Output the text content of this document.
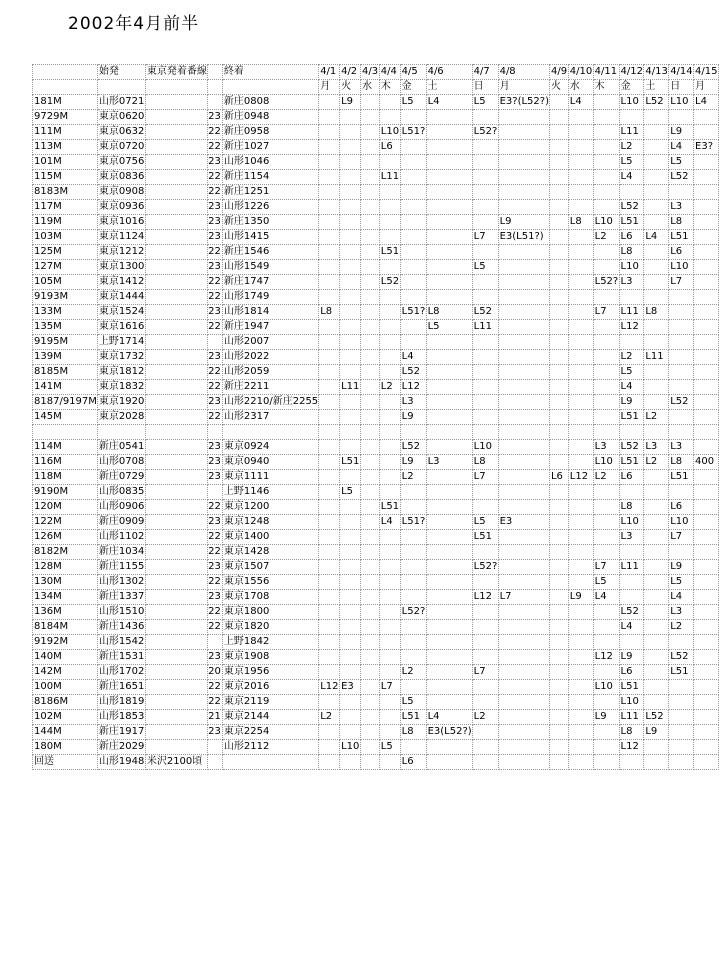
2002年4月前半
	始発	東京発着番線		終着	4/1	4/2	4/3	4/4	4/5	4/6	4/7	4/8	4/9	4/10	4/11	4/12	4/13	4/14	4/15
					月	火	水	木	金	土	日	月	火	水	木	金	土	日	月
181M	山形0721			新庄0808		L9			L5	L4	L5	E3?(L52?)		L4		L10	L52	L10	L4
9729M	東京0620		23	新庄0948															
111M	東京0632		22	新庄0958				L10	L51?		L52?					L11		L9	
113M	東京0720		22	新庄1027				L6								L2		L4	E3?
101M	東京0756		23	山形1046												L5		L5	
115M	東京0836		22	新庄1154				L11								L4		L52	
8183M	東京0908		22	新庄1251															
117M	東京0936		23	山形1226												L52		L3	
119M	東京1016		23	新庄1350								L9		L8	L10	L51		L8	
103M	東京1124		23	山形1415							L7	E3(L51?)			L2	L6	L4	L51	
125M	東京1212		22	新庄1546				L51								L8		L6	
127M	東京1300		23	山形1549							L5					L10		L10	
105M	東京1412		22	新庄1747				L52							L52?	L3		L7	
9193M	東京1444		22	山形1749															
133M	東京1524		23	山形1814	L8				L51?	L8	L52				L7	L11	L8		
135M	東京1616		22	新庄1947						L5	L11					L12			
9195M	上野1714			山形2007															
139M	東京1732		23	山形2022					L4							L2	L11		
8185M	東京1812		22	山形2059					L52							L5			
141M	東京1832		22	新庄2211		L11		L2	L12							L4			
8187/9197M	東京1920		23	山形2210/新庄2255					L3							L9		L52	
145M	東京2028		22	山形2317					L9							L51	L2		

114M	新庄0541		23	東京0924					L52		L10				L3	L52	L3	L3	
116M	山形0708		23	東京0940		L51			L9	L3	L8				L10	L51	L2	L8	400
118M	新庄0729		23	東京1111					L2		L7		L6	L12	L2	L6		L51	
9190M	山形0835			上野1146		L5													
120M	山形0906		22	東京1200				L51								L8		L6	
122M	新庄0909		23	東京1248				L4	L51?		L5	E3				L10		L10	
126M	山形1102		22	東京1400							L51					L3		L7	
8182M	新庄1034		22	東京1428															
128M	新庄1155		23	東京1507							L52?				L7	L11		L9	
130M	山形1302		22	東京1556											L5			L5	
134M	新庄1337		23	東京1708							L12	L7		L9	L4			L4	
136M	山形1510		22	東京1800					L52?							L52		L3	
8184M	新庄1436		22	東京1820												L4		L2	
9192M	山形1542			上野1842															
140M	新庄1531		23	東京1908											L12	L9		L52	
142M	山形1702		20	東京1956					L2		L7					L6		L51	
100M	新庄1651		22	東京2016	L12	E3		L7							L10	L51			
8186M	山形1819		22	東京2119					L5							L10			
102M	山形1853		21	東京2144	L2				L51	L4	L2				L9	L11	L52		
144M	新庄1917		23	東京2254					L8	E3(L52?)						L8	L9		
180M	新庄2029			山形2112		L10		L5								L12			
回送	山形1948	米沢2100頃							L6										
